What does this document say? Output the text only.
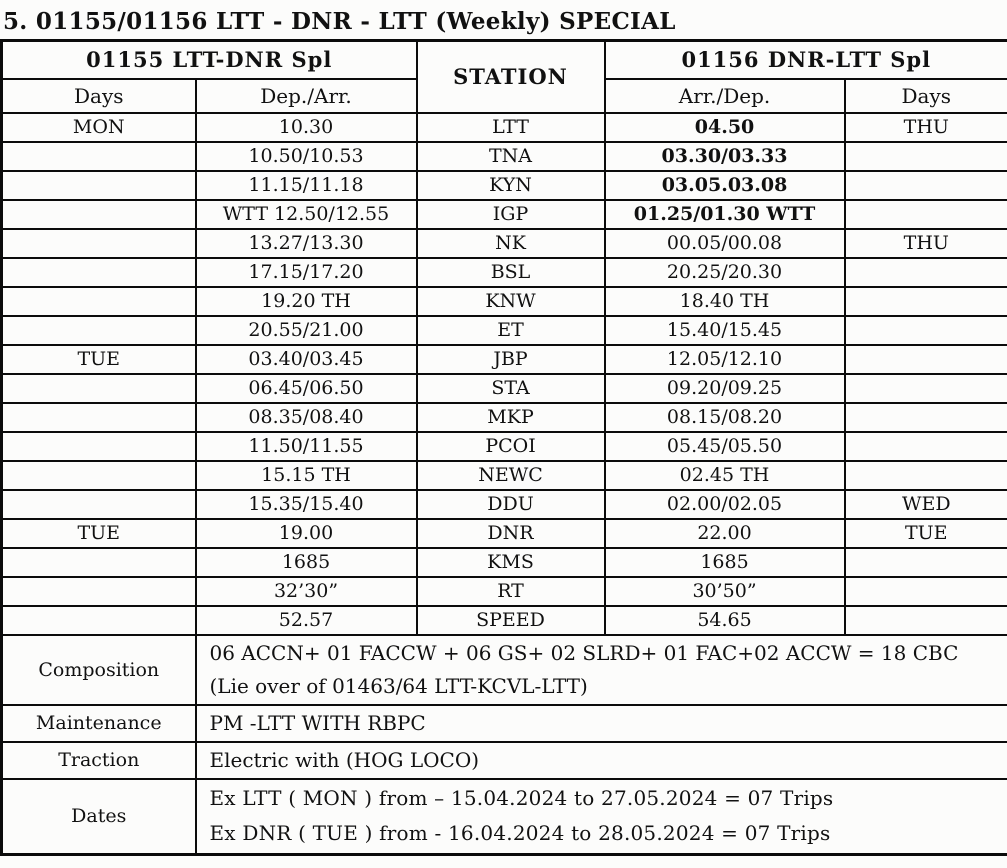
5. 01155/01156 LTT - DNR - LTT (Weekly) SPECIAL
01155 LTT-DNR Spl		STATION	01156 DNR-LTT Spl	
Days	Dep./Arr.		Arr./Dep.	Days
MON	10.30	LTT	04.50	THU
	10.50/10.53	TNA	03.30/03.33	
	11.15/11.18	KYN	03.05.03.08	
	WTT 12.50/12.55	IGP	01.25/01.30 WTT	
	13.27/13.30	NK	00.05/00.08	THU
	17.15/17.20	BSL	20.25/20.30	
	19.20 TH	KNW	18.40 TH	
	20.55/21.00	ET	15.40/15.45	
TUE	03.40/03.45	JBP	12.05/12.10	
	06.45/06.50	STA	09.20/09.25	
	08.35/08.40	MKP	08.15/08.20	
	11.50/11.55	PCOI	05.45/05.50	
	15.15 TH	NEWC	02.45 TH	
	15.35/15.40	DDU	02.00/02.05	WED
TUE	19.00	DNR	22.00	TUE
	1685	KMS	1685	
	32’30”	RT	30’50”	
	52.57	SPEED	54.65	
Composition	06 ACCN+ 01 FACCW + 06 GS+ 02 SLRD+ 01 FAC+02 ACCW = 18 CBC
(Lie over of 01463/64 LTT-KCVL-LTT)			

Maintenance	PM -LTT WITH RBPC			
Traction	Electric with (HOG LOCO)			
Dates	Ex LTT ( MON ) from – 15.04.2024 to 27.05.2024 = 07 Trips
Ex DNR ( TUE ) from - 16.04.2024 to 28.05.2024 = 07 Trips			
